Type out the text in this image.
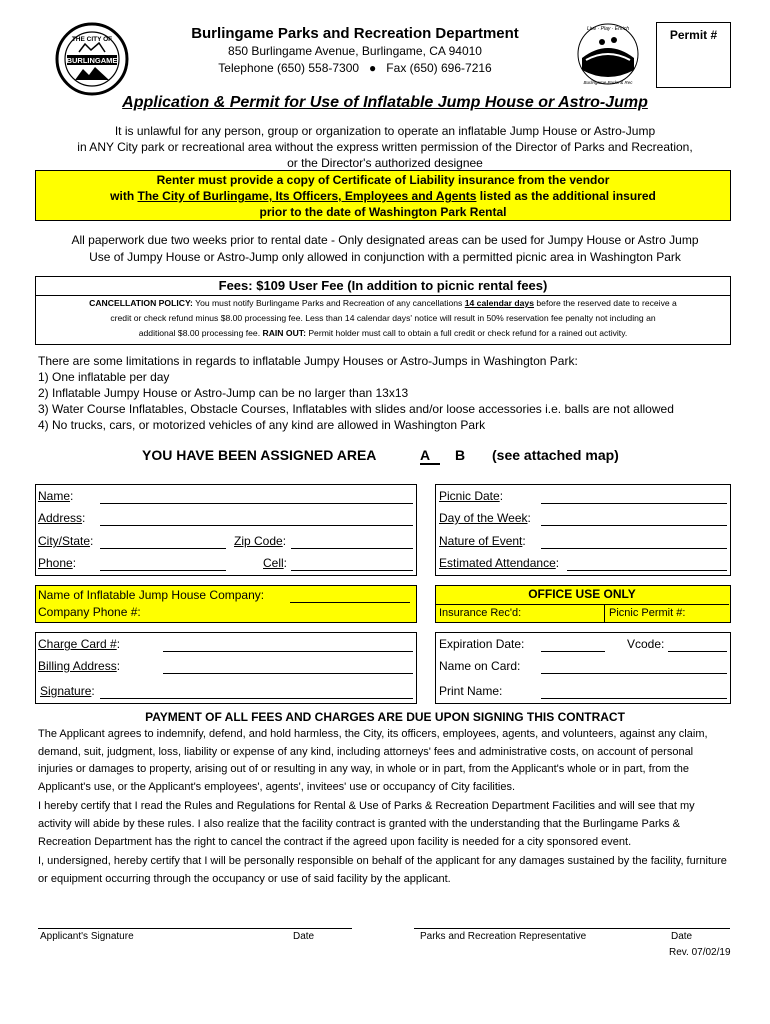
BURLINGAME
THE CITY OF	Burlingame Parks and Recreation Department
850 Burlingame Avenue, Burlingame, CA 94010
Telephone (650) 558-7300   ●   Fax (650) 696-7216
Live · Play · Enrich
Burlingame Parks & Rec
Permit #
Application & Permit for Use of Inflatable Jump House or Astro-Jump
It is unlawful for any person, group or organization to operate an inflatable Jump House or Astro-Jump
in ANY City park or recreational area without the express written permission of the Director of Parks and Recreation,
or the Director's authorized designee
Renter must provide a copy of Certificate of Liability insurance from the vendor
with The City of Burlingame, Its Officers, Employees and Agents listed as the additional insured
prior to the date of Washington Park Rental
All paperwork due two weeks prior to rental date - Only designated areas can be used for Jumpy House or Astro Jump
Use of Jumpy House or Astro-Jump only allowed in conjunction with a permitted picnic area in Washington Park
Fees: $109 User Fee (In addition to picnic rental fees)
CANCELLATION POLICY: You must notify Burlingame Parks and Recreation of any cancellations 14 calendar days before the reserved date to receive a
credit or check refund minus $8.00 processing fee. Less than 14 calendar days' notice will result in 50% reservation fee penalty not including an
additional $8.00 processing fee. RAIN OUT: Permit holder must call to obtain a full credit or check refund for a rained out activity.
There are some limitations in regards to inflatable Jumpy Houses or Astro-Jumps in Washington Park:
1) One inflatable per day
2) Inflatable Jumpy House or Astro-Jump can be no larger than 13x13
3) Water Course Inflatables, Obstacle Courses, Inflatables with slides and/or loose accessories i.e. balls are not allowed
4) No trucks, cars, or motorized vehicles of any kind are allowed in Washington Park
YOU HAVE BEEN ASSIGNED AREA	A	B	(see attached map)
Name:
Address:
City/State:	Zip Code:
Phone:	Cell:
Picnic Date:
Day of the Week:
Nature of Event:
Estimated Attendance:
Name of Inflatable Jump House Company:
Company Phone #:
OFFICE USE ONLY
Insurance Rec'd:	Picnic Permit #:
Charge Card #:
Billing Address:
Signature:
Expiration Date:	Vcode:
Name on Card:
Print Name:
PAYMENT OF ALL FEES AND CHARGES ARE DUE UPON SIGNING THIS CONTRACT
The Applicant agrees to indemnify, defend, and hold harmless, the City, its officers, employees, agents, and volunteers, against any claim, demand, suit, judgment, loss, liability or expense of any kind, including attorneys' fees and administrative costs, on account of personal injuries or damages to property, arising out of or resulting in any way, in whole or in part, from the Applicant's whole or in part, from the Applicant's use, or the Applicant's employees', agents', invitees' use or occupancy of City facilities.
I hereby certify that I read the Rules and Regulations for Rental & Use of Parks & Recreation Department Facilities and will see that my activity will abide by these rules. I also realize that the facility contract is granted with the understanding that the Burlingame Parks & Recreation Department has the right to cancel the contract if the agreed upon facility is needed for a city sponsored event.
I, undersigned, hereby certify that I will be personally responsible on behalf of the applicant for any damages sustained by the facility, furniture or equipment occurring through the occupancy or use of said facility by the applicant.
Applicant's Signature	Date	Parks and Recreation Representative	Date
Rev. 07/02/19
